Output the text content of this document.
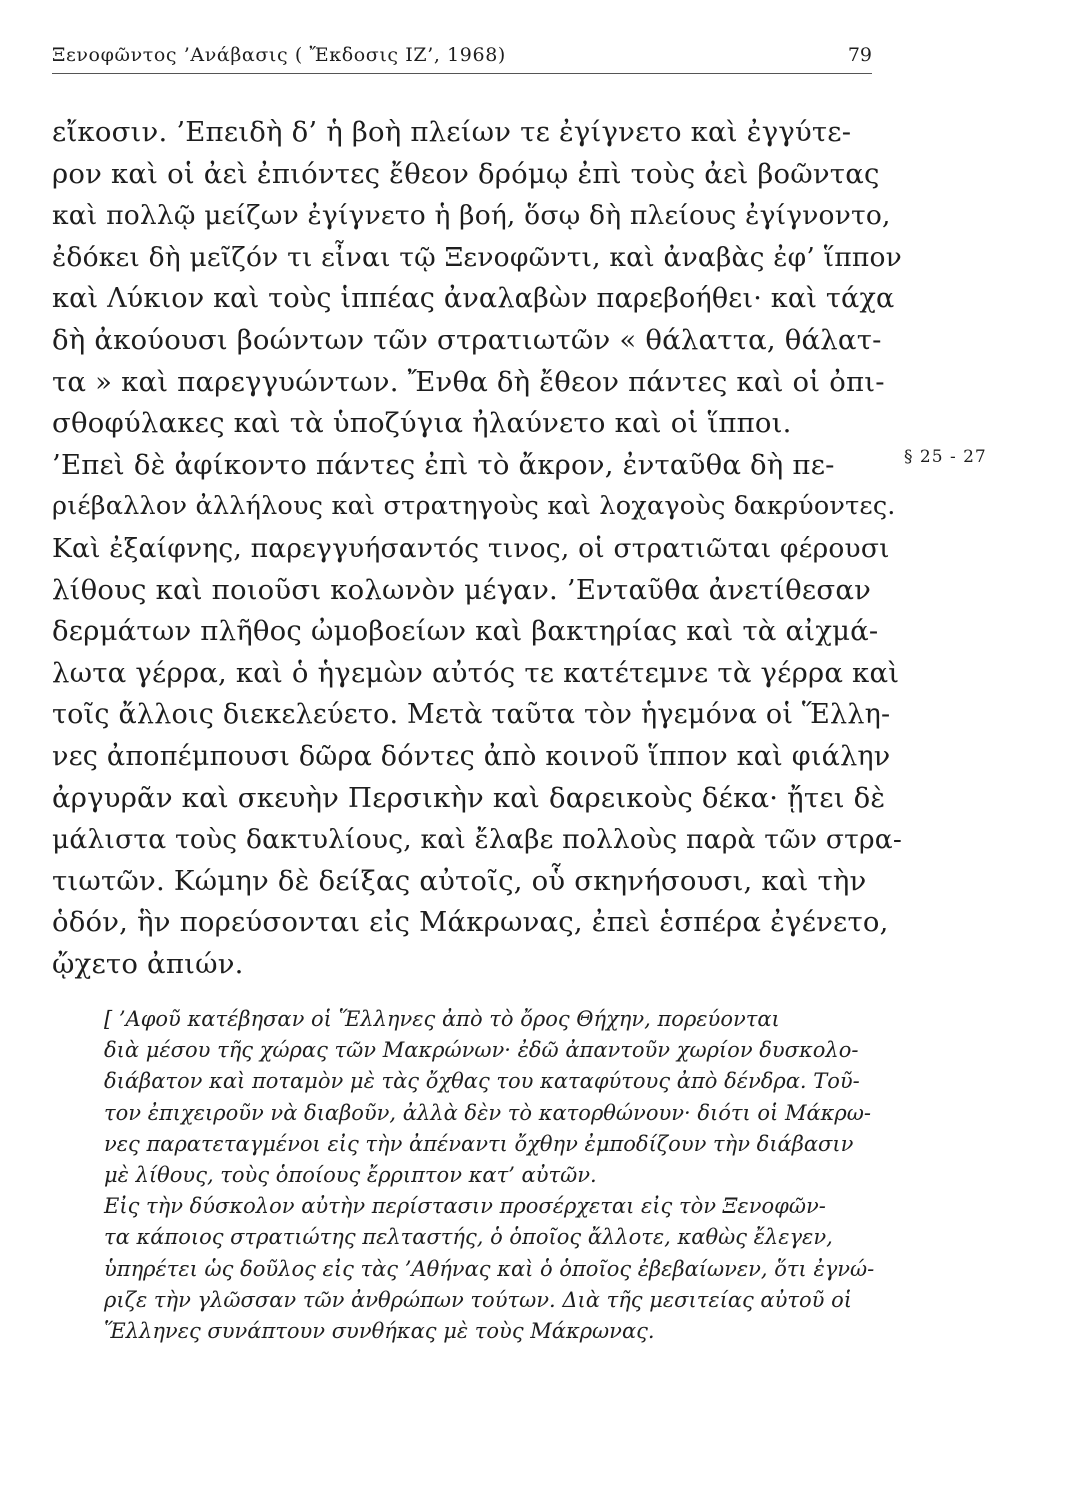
Ξενοφῶντος ’Ανάβασις ( Ἔκδοσις ΙΖ’, 1968)	79
εἴκοσιν. ’Επειδὴ δ’ ἡ βοὴ πλείων τε ἐγίγνετο καὶ ἐγγύτε-
ρον καὶ οἱ ἀεὶ ἐπιόντες ἔθεον δρόμῳ ἐπὶ τοὺς ἀεὶ βοῶντας
καὶ πολλῷ μείζων ἐγίγνετο ἡ βοή, ὅσῳ δὴ πλείους ἐγίγνοντο,
ἐδόκει δὴ μεῖζόν τι εἶναι τῷ Ξενοφῶντι, καὶ ἀναβὰς ἐφ’ ἵππον
καὶ Λύκιον καὶ τοὺς ἱππέας ἀναλαβὼν παρεβοήθει· καὶ τάχα
δὴ ἀκούουσι βοώντων τῶν στρατιωτῶν « θάλαττα, θάλατ-
τα » καὶ παρεγγυώντων. Ἔνθα δὴ ἔθεον πάντες καὶ οἱ ὀπι-
σθοφύλακες καὶ τὰ ὑποζύγια ἠλαύνετο καὶ οἱ ἵπποι.
’Επεὶ δὲ ἀφίκοντο πάντες ἐπὶ τὸ ἄκρον, ἐνταῦθα δὴ πε-
ριέβαλλον ἀλλήλους καὶ στρατηγοὺς καὶ λοχαγοὺς δακρύοντες.
Καὶ ἐξαίφνης, παρεγγυήσαντός τινος, οἱ στρατιῶται φέρουσι
λίθους καὶ ποιοῦσι κολωνὸν μέγαν. ’Ενταῦθα ἀνετίθεσαν
δερμάτων πλῆθος ὠμοβοείων καὶ βακτηρίας καὶ τὰ αἰχμά-
λωτα γέρρα, καὶ ὁ ἡγεμὼν αὐτός τε κατέτεμνε τὰ γέρρα καὶ
τοῖς ἄλλοις διεκελεύετο. Μετὰ ταῦτα τὸν ἡγεμόνα οἱ Ἕλλη-
νες ἀποπέμπουσι δῶρα δόντες ἀπὸ κοινοῦ ἵππον καὶ φιάλην
ἀργυρᾶν καὶ σκευὴν Περσικὴν καὶ δαρεικοὺς δέκα· ᾔτει δὲ
μάλιστα τοὺς δακτυλίους, καὶ ἔλαβε πολλοὺς παρὰ τῶν στρα-
τιωτῶν. Κώμην δὲ δείξας αὐτοῖς, οὗ σκηνήσουσι, καὶ τὴν
ὁδόν, ἣν πορεύσονται εἰς Μάκρωνας, ἐπεὶ ἑσπέρα ἐγένετο,
ᾤχετο ἀπιών.
§ 25 - 27
[ ’Αφοῦ κατέβησαν οἱ Ἕλληνες ἀπὸ τὸ ὄρος Θήχην, πορεύονται
διὰ μέσου τῆς χώρας τῶν Μακρώνων· ἐδῶ ἀπαντοῦν χωρίον δυσκολο-
διάβατον καὶ ποταμὸν μὲ τὰς ὄχθας του καταφύτους ἀπὸ δένδρα. Τοῦ-
τον ἐπιχειροῦν νὰ διαβοῦν, ἀλλὰ δὲν τὸ κατορθώνουν· διότι οἱ Μάκρω-
νες παρατεταγμένοι εἰς τὴν ἀπέναντι ὄχθην ἐμποδίζουν τὴν διάβασιν
μὲ λίθους, τοὺς ὁποίους ἔρριπτον κατ’ αὐτῶν.
Εἰς τὴν δύσκολον αὐτὴν περίστασιν προσέρχεται εἰς τὸν Ξενοφῶν-
τα κάποιος στρατιώτης πελταστής, ὁ ὁποῖος ἄλλοτε, καθὼς ἔλεγεν,
ὑπηρέτει ὡς δοῦλος εἰς τὰς ’Αθήνας καὶ ὁ ὁποῖος ἐβεβαίωνεν, ὅτι ἐγνώ-
ριζε τὴν γλῶσσαν τῶν ἀνθρώπων τούτων. Διὰ τῆς μεσιτείας αὐτοῦ οἱ
Ἕλληνες συνάπτουν συνθήκας μὲ τοὺς Μάκρωνας.
